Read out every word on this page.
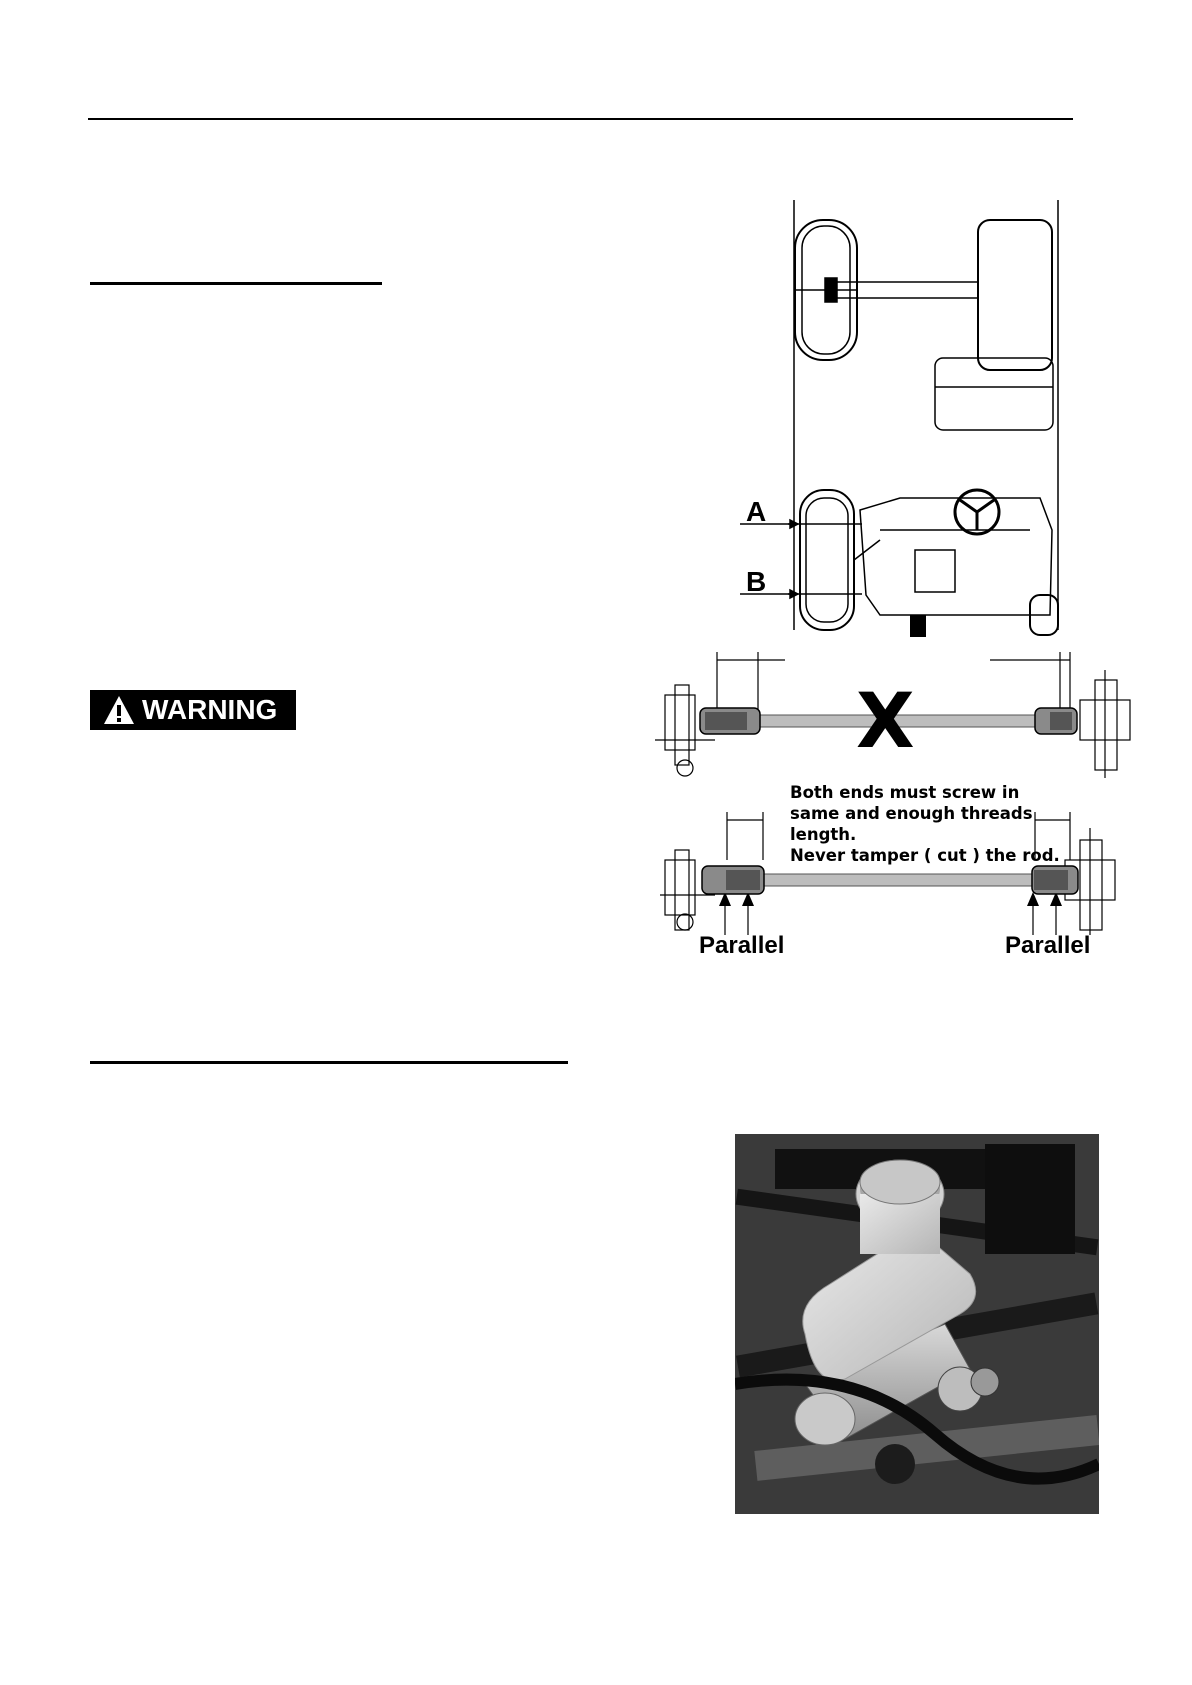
A
B
WARNING	X
Both ends must screw in
same and enough threads
length.
Never tamper ( cut ) the rod.
Parallel	Parallel
